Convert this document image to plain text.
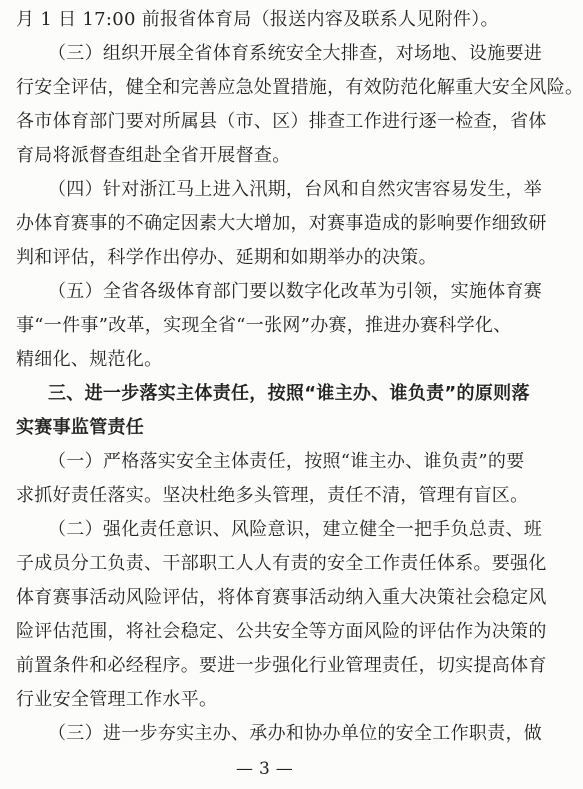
月 1 日 17:00 前报省体育局（报送内容及联系人见附件）。
（三）组织开展全省体育系统安全大排查，对场地、设施要进
行安全评估，健全和完善应急处置措施，有效防范化解重大安全风险。
各市体育部门要对所属县（市、区）排查工作进行逐一检查，省体
育局将派督查组赴全省开展督查。
（四）针对浙江马上进入汛期，台风和自然灾害容易发生，举
办体育赛事的不确定因素大大增加，对赛事造成的影响要作细致研
判和评估，科学作出停办、延期和如期举办的决策。
（五）全省各级体育部门要以数字化改革为引领，实施体育赛
事“一件事”改革，实现全省“一张网”办赛，推进办赛科学化、
精细化、规范化。
三、进一步落实主体责任，按照“谁主办、谁负责”的原则落
实赛事监管责任
（一）严格落实安全主体责任，按照“谁主办、谁负责”的要
求抓好责任落实。坚决杜绝多头管理，责任不清，管理有盲区。
（二）强化责任意识、风险意识，建立健全一把手负总责、班
子成员分工负责、干部职工人人有责的安全工作责任体系。要强化
体育赛事活动风险评估，将体育赛事活动纳入重大决策社会稳定风
险评估范围，将社会稳定、公共安全等方面风险的评估作为决策的
前置条件和必经程序。要进一步强化行业管理责任，切实提高体育
行业安全管理工作水平。
（三）进一步夯实主办、承办和协办单位的安全工作职责，做
— 3 —
